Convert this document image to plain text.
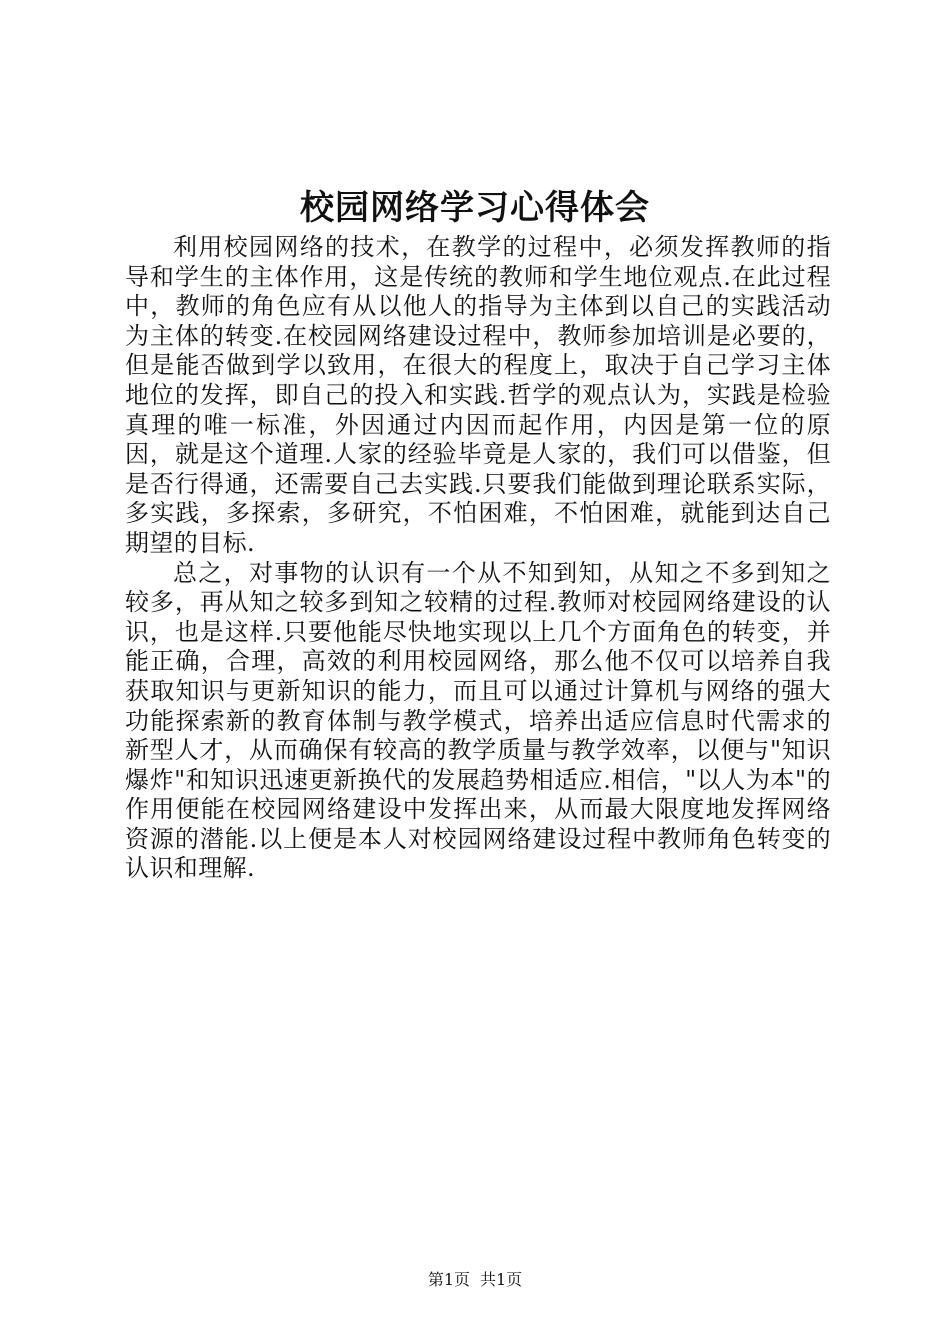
校园网络学习心得体会

利用校园网络的技术，在教学的过程中，必须发挥教师的指导和学生的主体作用，这是传统的教师和学生地位观点.在此过程中，教师的角色应有从以他人的指导为主体到以自己的实践活动为主体的转变.在校园网络建设过程中，教师参加培训是必要的，但是能否做到学以致用，在很大的程度上，取决于自己学习主体地位的发挥，即自己的投入和实践.哲学的观点认为，实践是检验真理的唯一标准，外因通过内因而起作用，内因是第一位的原因，就是这个道理.人家的经验毕竟是人家的，我们可以借鉴，但是否行得通，还需要自己去实践.只要我们能做到理论联系实际，多实践，多探索，多研究，不怕困难，不怕困难，就能到达自己期望的目标.

总之，对事物的认识有一个从不知到知，从知之不多到知之较多，再从知之较多到知之较精的过程.教师对校园网络建设的认识，也是这样.只要他能尽快地实现以上几个方面角色的转变，并能正确，合理，高效的利用校园网络，那么他不仅可以培养自我获取知识与更新知识的能力，而且可以通过计算机与网络的强大功能探索新的教育体制与教学模式，培养出适应信息时代需求的新型人才，从而确保有较高的教学质量与教学效率，以便与"知识爆炸"和知识迅速更新换代的发展趋势相适应.相信，"以人为本"的作用便能在校园网络建设中发挥出来，从而最大限度地发挥网络资源的潜能.以上便是本人对校园网络建设过程中教师角色转变的认识和理解.

第1页 共1页
